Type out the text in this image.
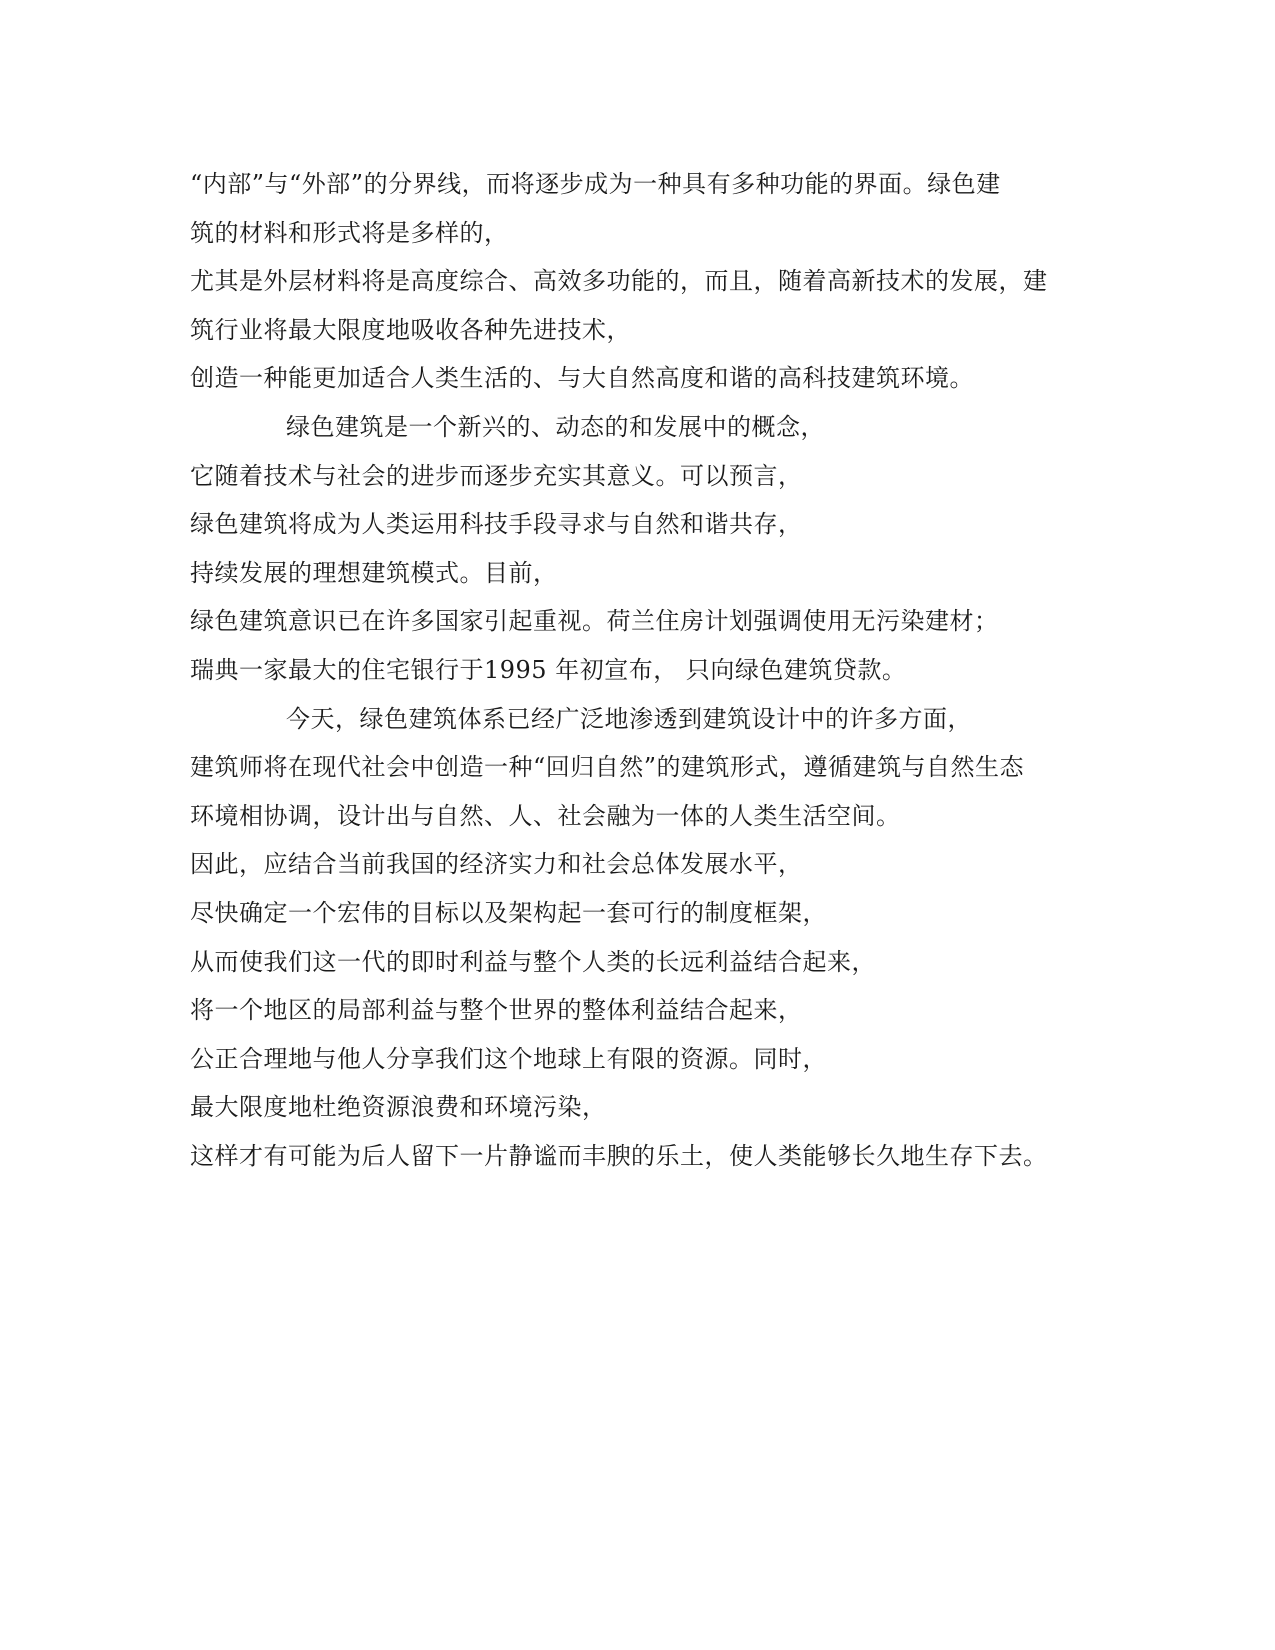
“内部”与“外部”的分界线，而将逐步成为一种具有多种功能的界面。绿色建
筑的材料和形式将是多样的，
尤其是外层材料将是高度综合、高效多功能的，而且，随着高新技术的发展，建
筑行业将最大限度地吸收各种先进技术，
创造一种能更加适合人类生活的、与大自然高度和谐的高科技建筑环境。
绿色建筑是一个新兴的、动态的和发展中的概念，
它随着技术与社会的进步而逐步充实其意义。可以预言，
绿色建筑将成为人类运用科技手段寻求与自然和谐共存，
持续发展的理想建筑模式。目前，
绿色建筑意识已在许多国家引起重视。荷兰住房计划强调使用无污染建材；
瑞典一家最大的住宅银行于1995 年初宣布， 只向绿色建筑贷款。
今天，绿色建筑体系已经广泛地渗透到建筑设计中的许多方面，
建筑师将在现代社会中创造一种“回归自然”的建筑形式，遵循建筑与自然生态
环境相协调，设计出与自然、人、社会融为一体的人类生活空间。
因此，应结合当前我国的经济实力和社会总体发展水平，
尽快确定一个宏伟的目标以及架构起一套可行的制度框架，
从而使我们这一代的即时利益与整个人类的长远利益结合起来，
将一个地区的局部利益与整个世界的整体利益结合起来，
公正合理地与他人分享我们这个地球上有限的资源。同时，
最大限度地杜绝资源浪费和环境污染，
这样才有可能为后人留下一片静谧而丰腴的乐土，使人类能够长久地生存下去。
